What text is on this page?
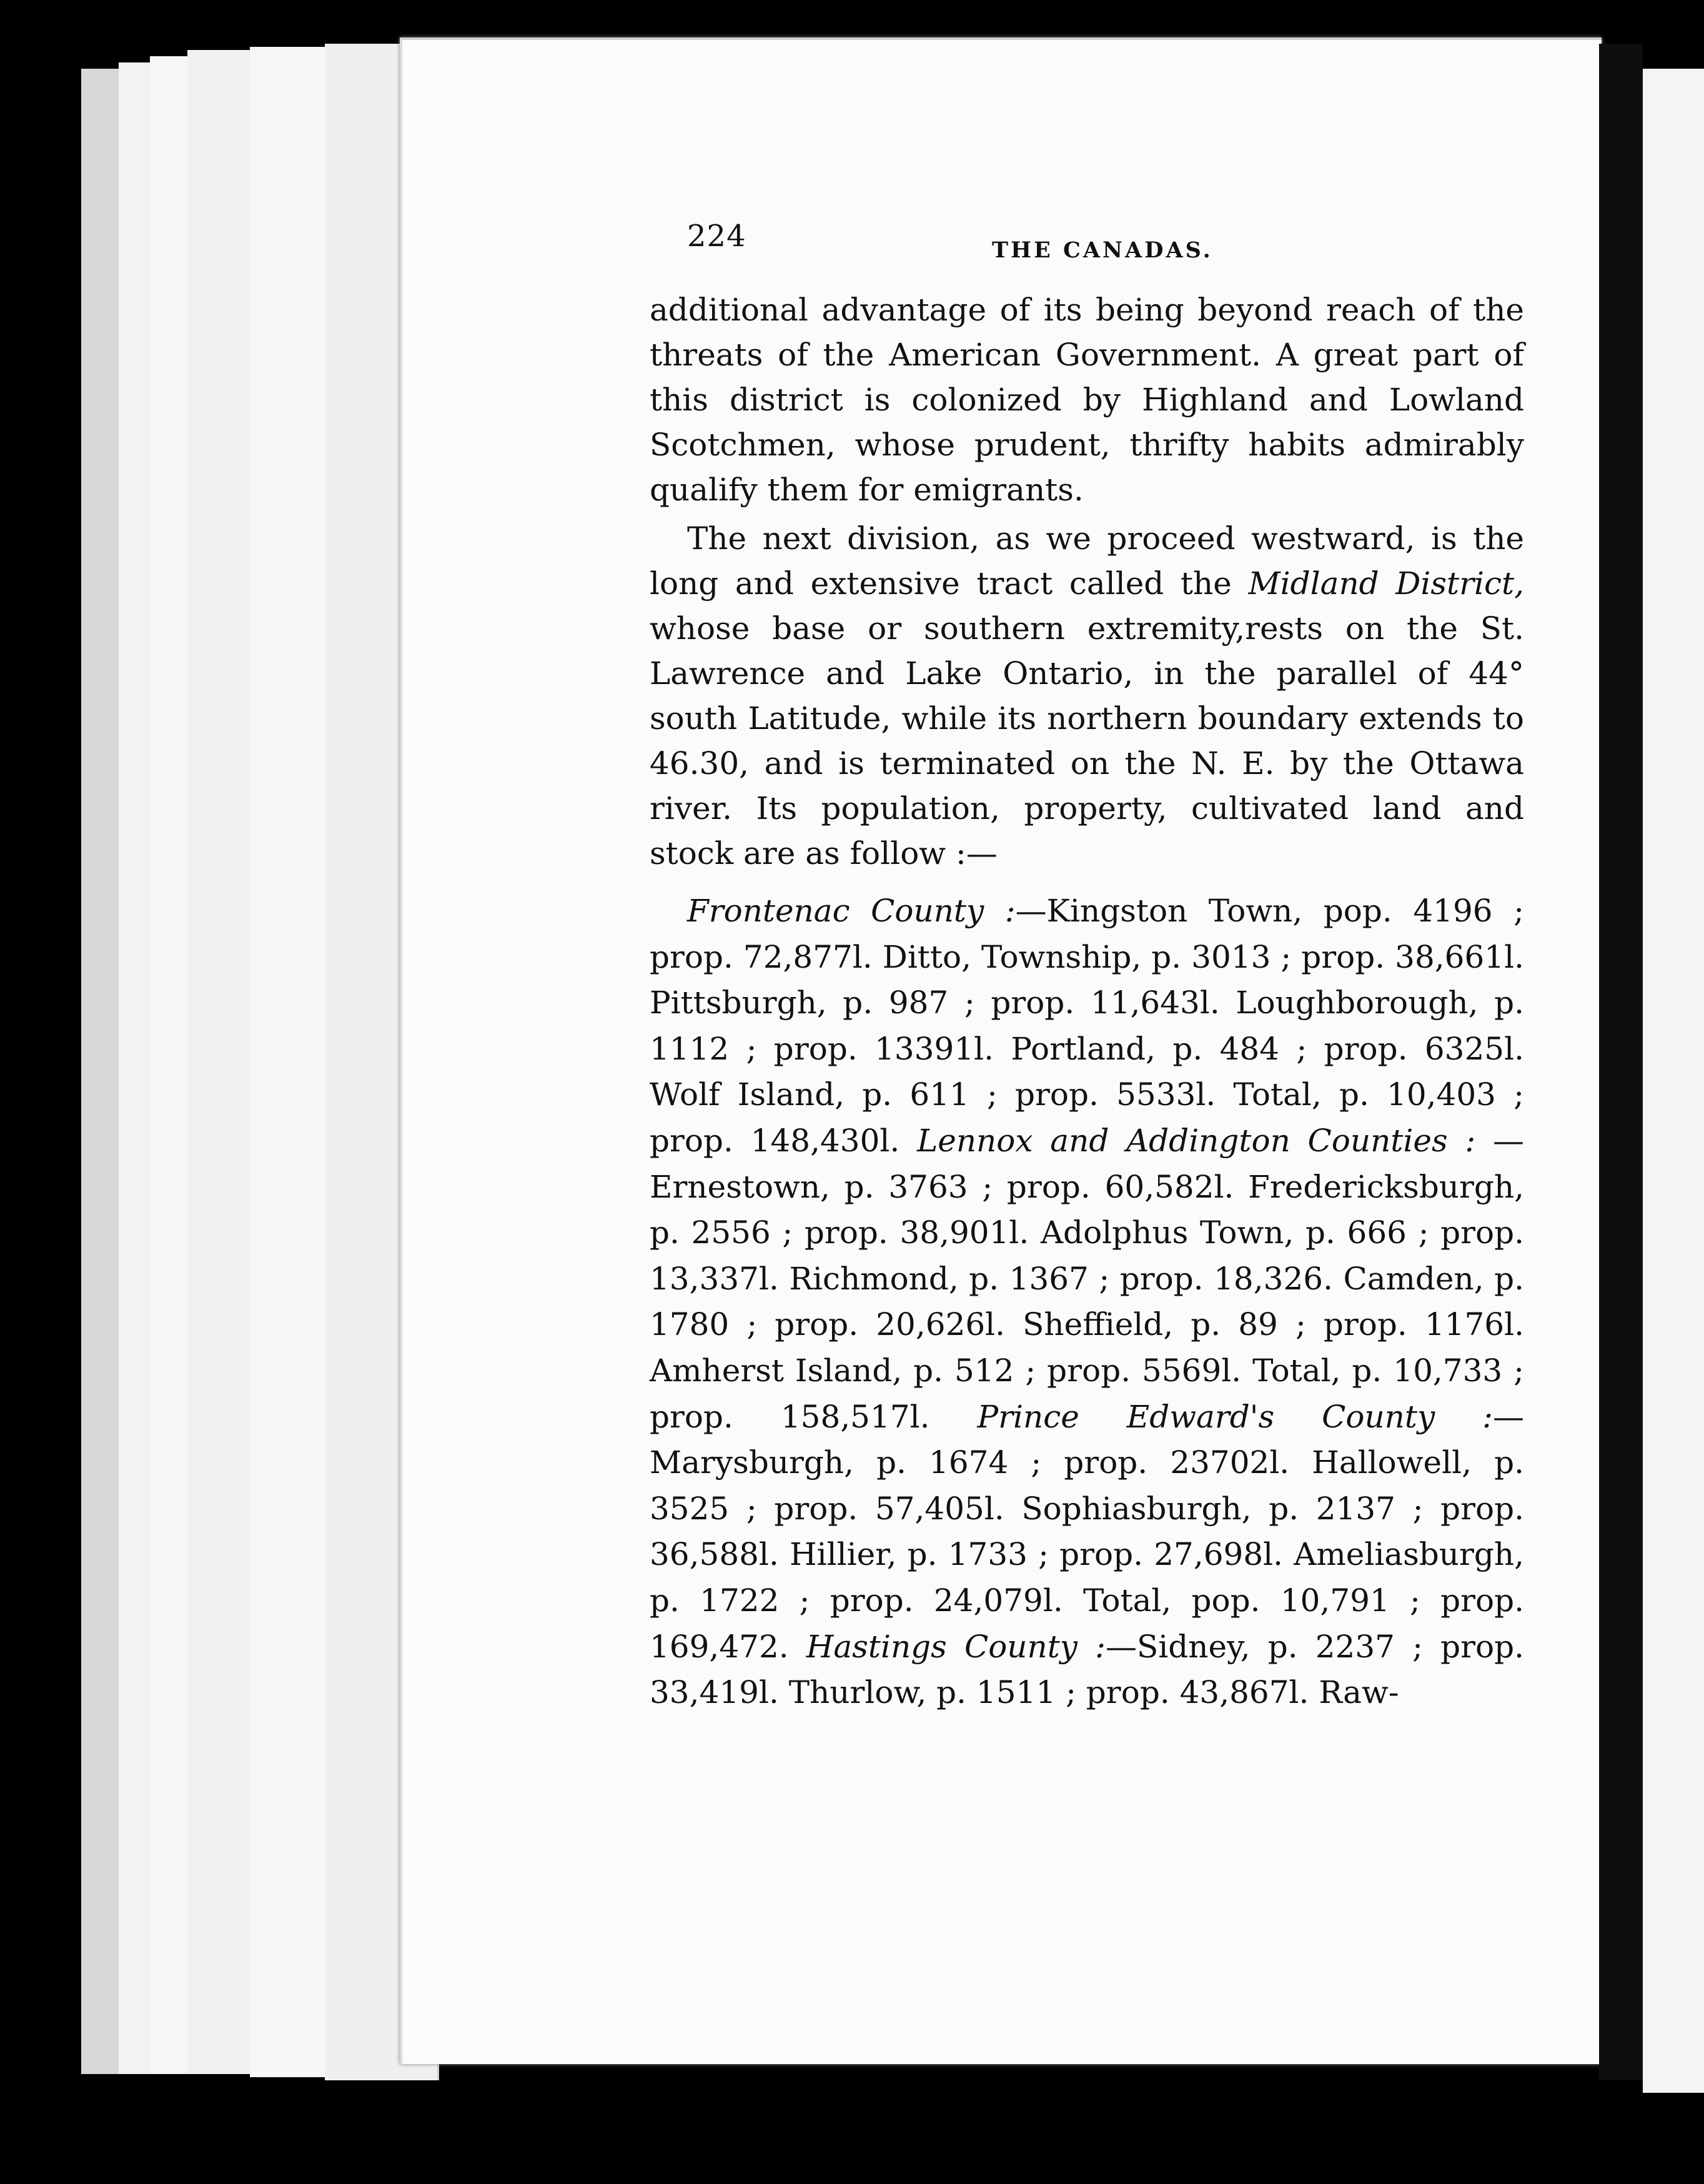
224	THE CANADAS.

additional advantage of its being beyond reach of the threats of the American Government. A great part of this district is colonized by Highland and Lowland Scotchmen, whose prudent, thrifty habits admirably qualify them for emigrants.

The next division, as we proceed westward, is the long and extensive tract called the Midland District, whose base or southern extremity,rests on the St. Lawrence and Lake Ontario, in the parallel of 44° south Latitude, while its northern boundary extends to 46.30, and is terminated on the N. E. by the Ottawa river. Its population, property, cultivated land and stock are as follow :—

Frontenac County :—Kingston Town, pop. 4196 ; prop. 72,877l. Ditto, Township, p. 3013 ; prop. 38,661l. Pittsburgh, p. 987 ; prop. 11,643l. Loughborough, p. 1112 ; prop. 13391l. Portland, p. 484 ; prop. 6325l. Wolf Island, p. 611 ; prop. 5533l. Total, p. 10,403 ; prop. 148,430l. Lennox and Addington Counties : — Ernestown, p. 3763 ; prop. 60,582l. Fredericksburgh, p. 2556 ; prop. 38,901l. Adolphus Town, p. 666 ; prop. 13,337l. Richmond, p. 1367 ; prop. 18,326. Camden, p. 1780 ; prop. 20,626l. Sheffield, p. 89 ; prop. 1176l. Amherst Island, p. 512 ; prop. 5569l. Total, p. 10,733 ; prop. 158,517l. Prince Edward's County :—Marysburgh, p. 1674 ; prop. 23702l. Hallowell, p. 3525 ; prop. 57,405l. Sophiasburgh, p. 2137 ; prop. 36,588l. Hillier, p. 1733 ; prop. 27,698l. Ameliasburgh, p. 1722 ; prop. 24,079l. Total, pop. 10,791 ; prop. 169,472. Hastings County :—Sidney, p. 2237 ; prop. 33,419l. Thurlow, p. 1511 ; prop. 43,867l. Raw-
